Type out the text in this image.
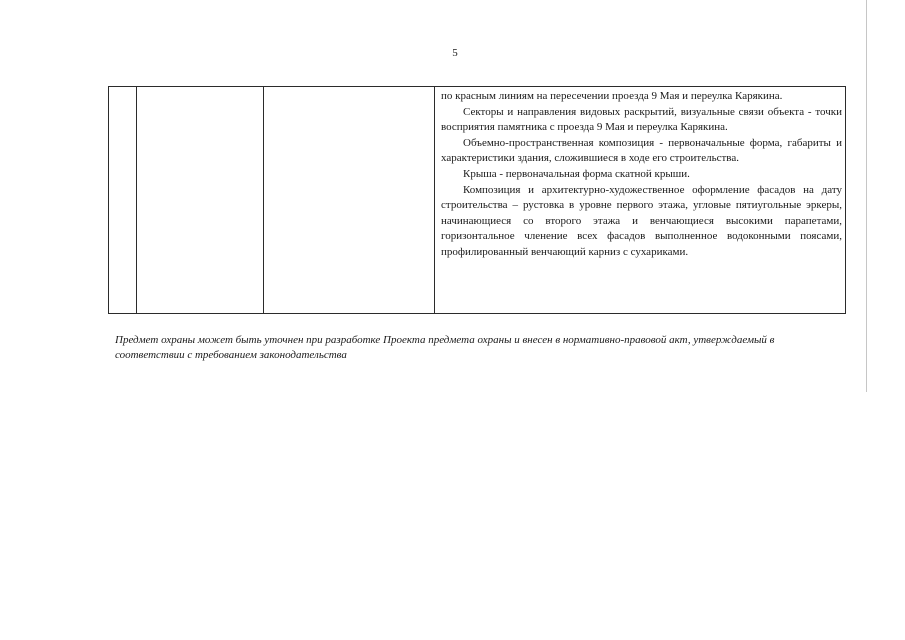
5

по красным линиям на пересечении проезда 9 Мая и переулка Карякина.

Секторы и направления видовых раскрытий, визуальные связи объекта - точки восприятия памятника с проезда 9 Мая и переулка Карякина.

Объемно-пространственная композиция - первоначальные форма, габариты и характеристики здания, сложившиеся в ходе его строительства.

Крыша - первоначальная форма скатной крыши.

Композиция и архитектурно-художественное оформление фасадов на дату строительства – рустовка в уровне первого этажа, угловые пятиугольные эркеры, начинающиеся со второго этажа и венчающиеся высокими парапетами, горизонтальное членение всех фасадов выполненное водоконными поясами, профилированный венчающий карниз с сухариками.

Предмет охраны может быть уточнен при разработке Проекта предмета охраны и внесен в нормативно-правовой акт, утверждаемый в соответствии с требованием законодательства
